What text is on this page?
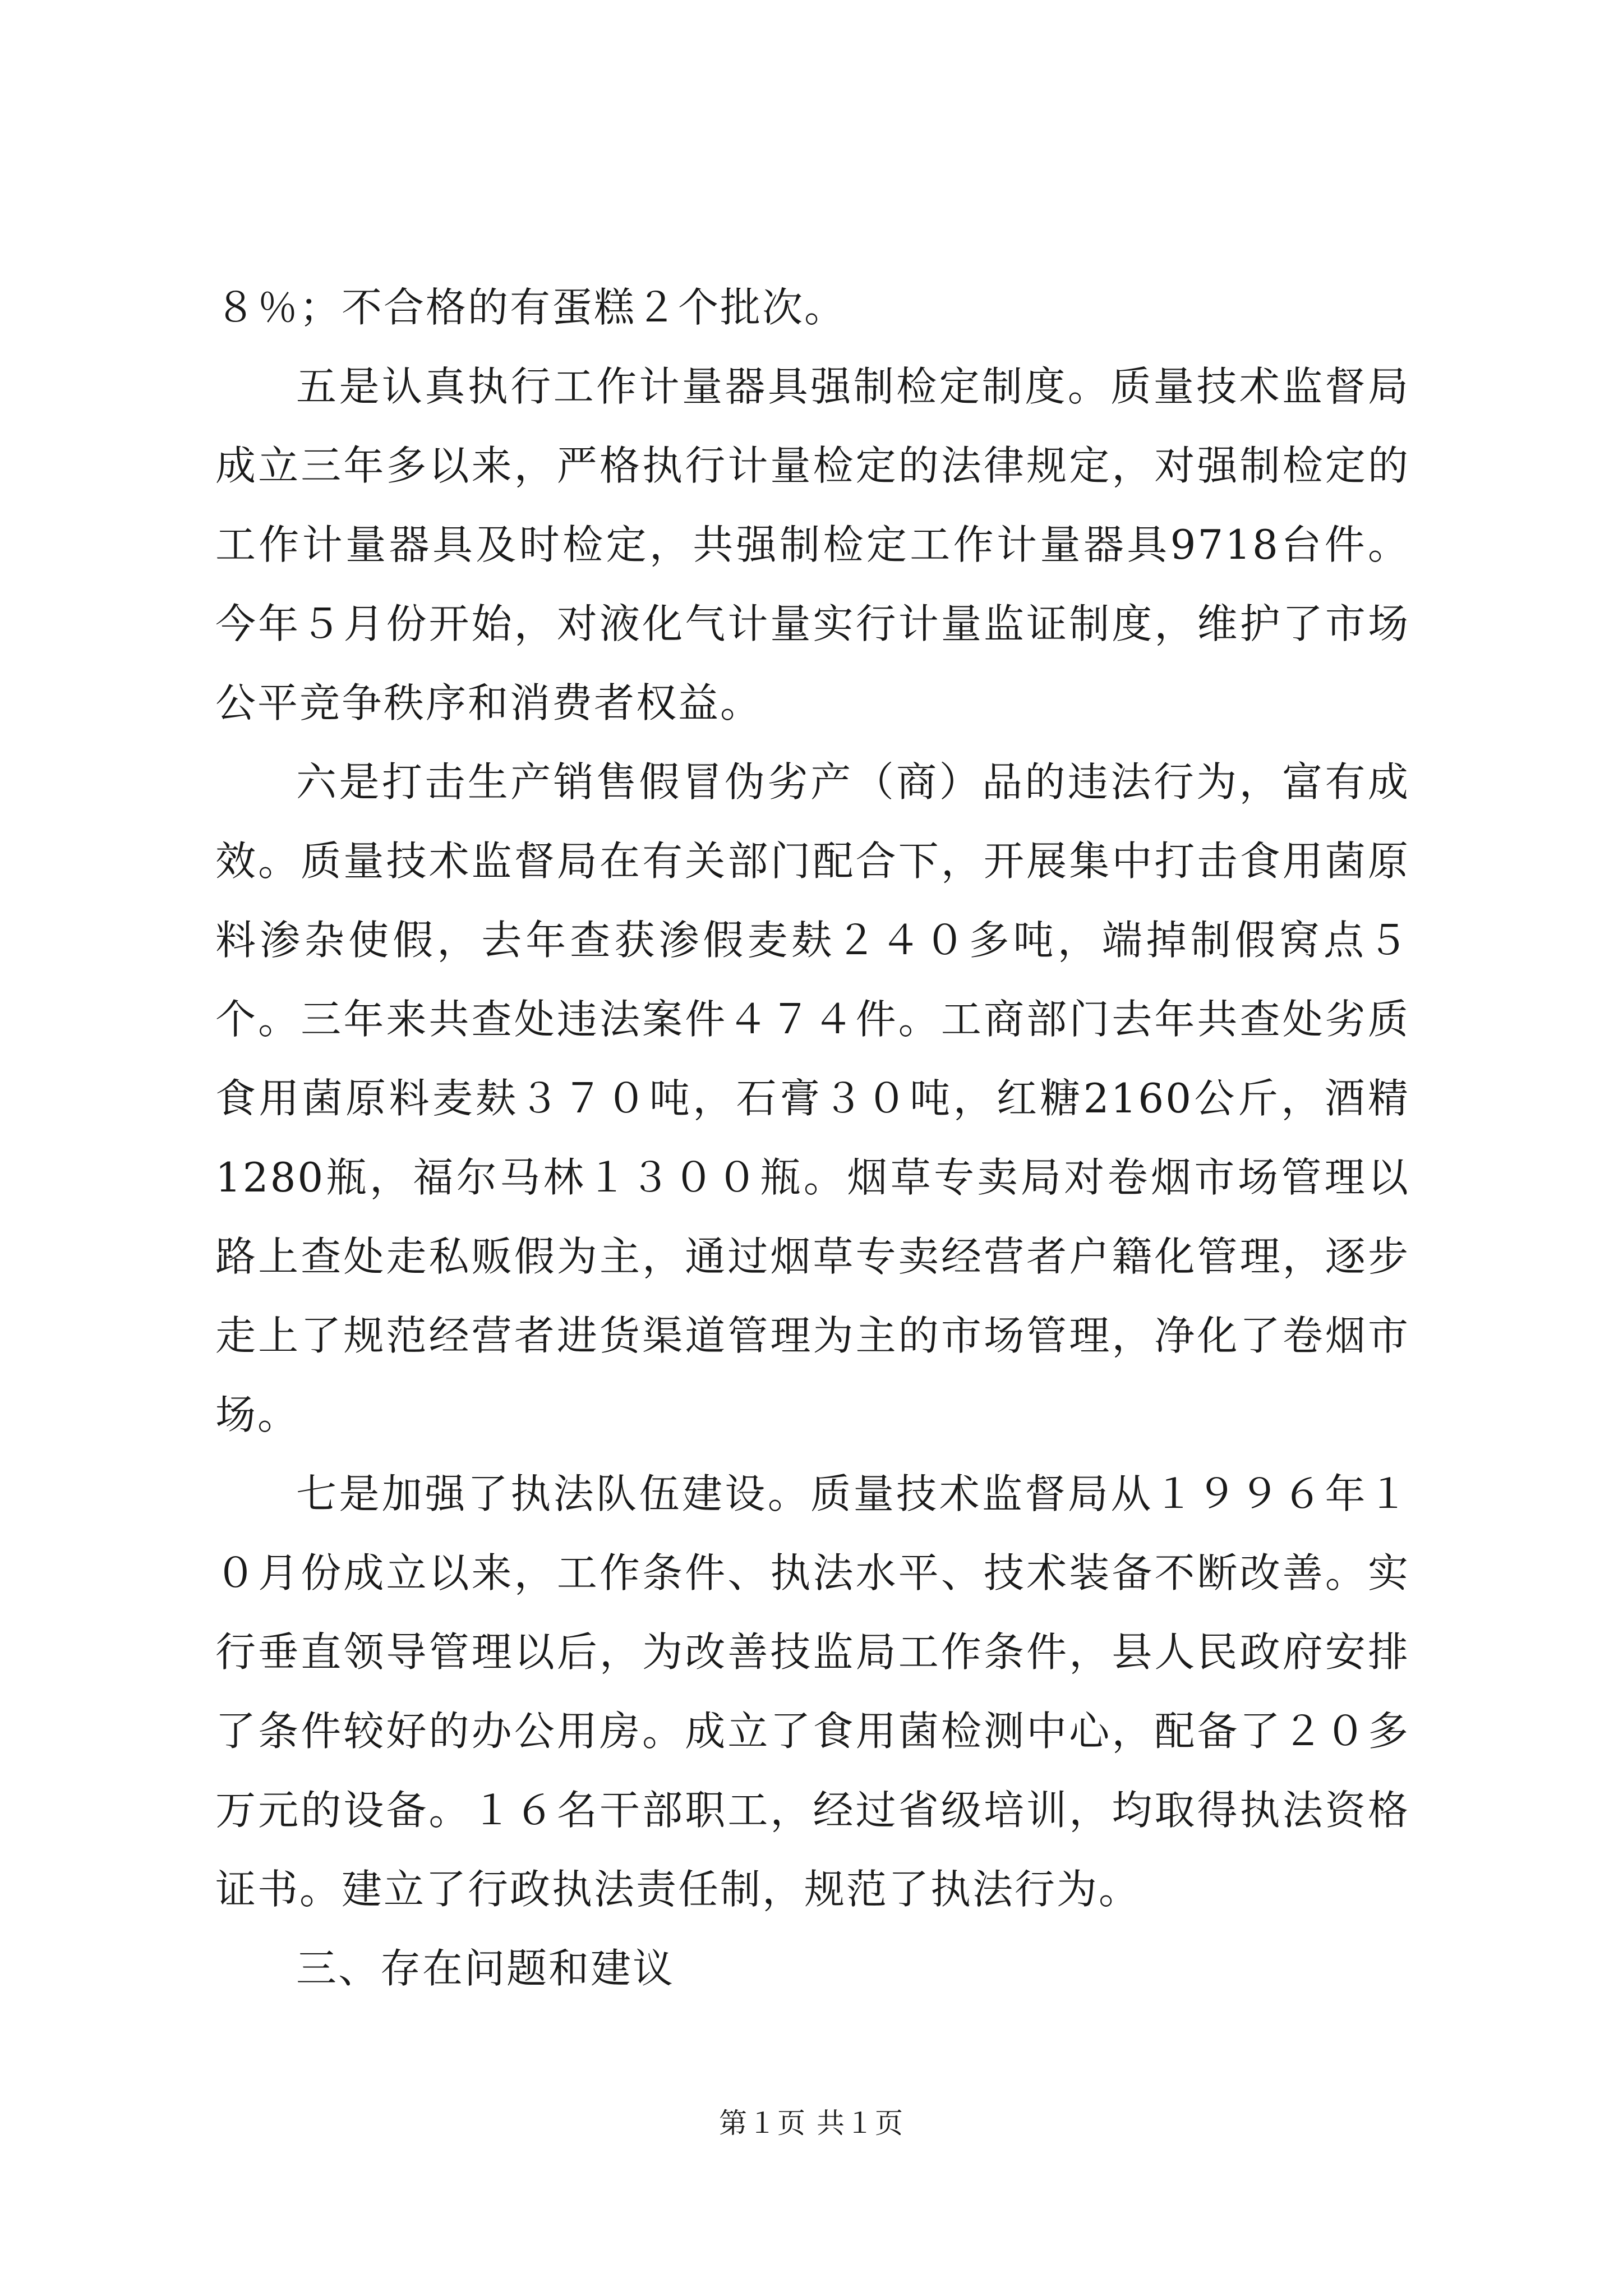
８％；不合格的有蛋糕２个批次。

五是认真执行工作计量器具强制检定制度。质量技术监督局成立三年多以来，严格执行计量检定的法律规定，对强制检定的工作计量器具及时检定，共强制检定工作计量器具9718台件。今年５月份开始，对液化气计量实行计量监证制度，维护了市场公平竞争秩序和消费者权益。

六是打击生产销售假冒伪劣产（商）品的违法行为，富有成效。质量技术监督局在有关部门配合下，开展集中打击食用菌原料渗杂使假，去年查获渗假麦麸２４０多吨，端掉制假窝点５个。三年来共查处违法案件４７４件。工商部门去年共查处劣质食用菌原料麦麸３７０吨，石膏３０吨，红糖2160公斤，酒精1280瓶，福尔马林１３００瓶。烟草专卖局对卷烟市场管理以路上查处走私贩假为主，通过烟草专卖经营者户籍化管理，逐步走上了规范经营者进货渠道管理为主的市场管理，净化了卷烟市场。

七是加强了执法队伍建设。质量技术监督局从１９９６年１０月份成立以来，工作条件、执法水平、技术装备不断改善。实行垂直领导管理以后，为改善技监局工作条件，县人民政府安排了条件较好的办公用房。成立了食用菌检测中心，配备了２０多万元的设备。１６名干部职工，经过省级培训，均取得执法资格证书。建立了行政执法责任制，规范了执法行为。

三、存在问题和建议

第１页 共１页
